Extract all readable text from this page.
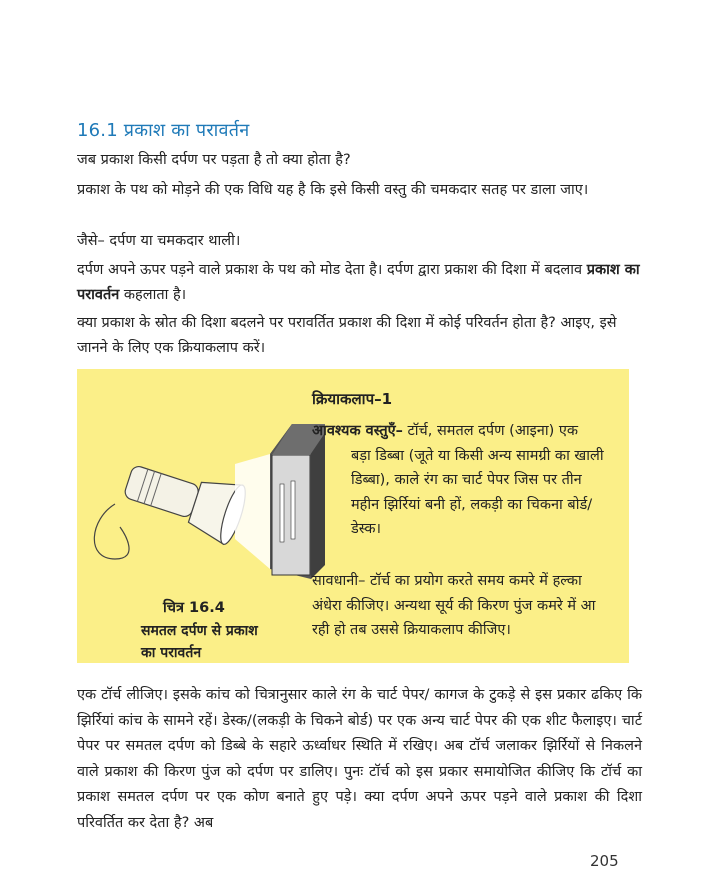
16.1 प्रकाश का परावर्तन
जब प्रकाश किसी दर्पण पर पड़ता है तो क्या होता है?
प्रकाश के पथ को मोड़ने की एक विधि यह है कि इसे किसी वस्तु की चमकदार सतह पर डाला जाए।
जैसे– दर्पण या चमकदार थाली।
दर्पण अपने ऊपर पड़ने वाले प्रकाश के पथ को मोड देता है। दर्पण द्वारा प्रकाश की दिशा में बदलाव प्रकाश का परावर्तन कहलाता है।
क्या प्रकाश के स्रोत की दिशा बदलने पर परावर्तित प्रकाश की दिशा में कोई परिवर्तन होता है? आइए, इसे जानने के लिए एक क्रियाकलाप करें।
क्रियाकलाप–1
आवश्यक वस्तुएँ– टॉर्च, समतल दर्पण (आइना) एक
बड़ा डिब्बा (जूते या किसी अन्य सामग्री का खाली डिब्बा), काले रंग का चार्ट पेपर जिस पर तीन महीन झिर्रियां बनी हों, लकड़ी का चिकना बोर्ड/ डेस्क।
सावधानी– टॉर्च का प्रयोग करते समय कमरे में हल्का अंधेरा कीजिए। अन्यथा सूर्य की किरण पुंज कमरे में आ रही हो तब उससे क्रियाकलाप कीजिए।
चित्र 16.4
समतल दर्पण से प्रकाश का परावर्तन
एक टॉर्च लीजिए। इसके कांच को चित्रानुसार काले रंग के चार्ट पेपर/ कागज के टुकड़े से इस प्रकार ढकिए कि झिर्रियां कांच के सामने रहें। डेस्क/(लकड़ी के चिकने बोर्ड) पर एक अन्य चार्ट पेपर की एक शीट फैलाइए। चार्ट पेपर पर समतल दर्पण को डिब्बे के सहारे ऊर्ध्वाधर स्थिति में रखिए। अब टॉर्च जलाकर झिर्रियों से निकलने वाले प्रकाश की किरण पुंज को दर्पण पर डालिए। पुनः टॉर्च को इस प्रकार समायोजित कीजिए कि टॉर्च का प्रकाश समतल दर्पण पर एक कोण बनाते हुए पड़े। क्या दर्पण अपने ऊपर पड़ने वाले प्रकाश की दिशा परिवर्तित कर देता है? अब
205
